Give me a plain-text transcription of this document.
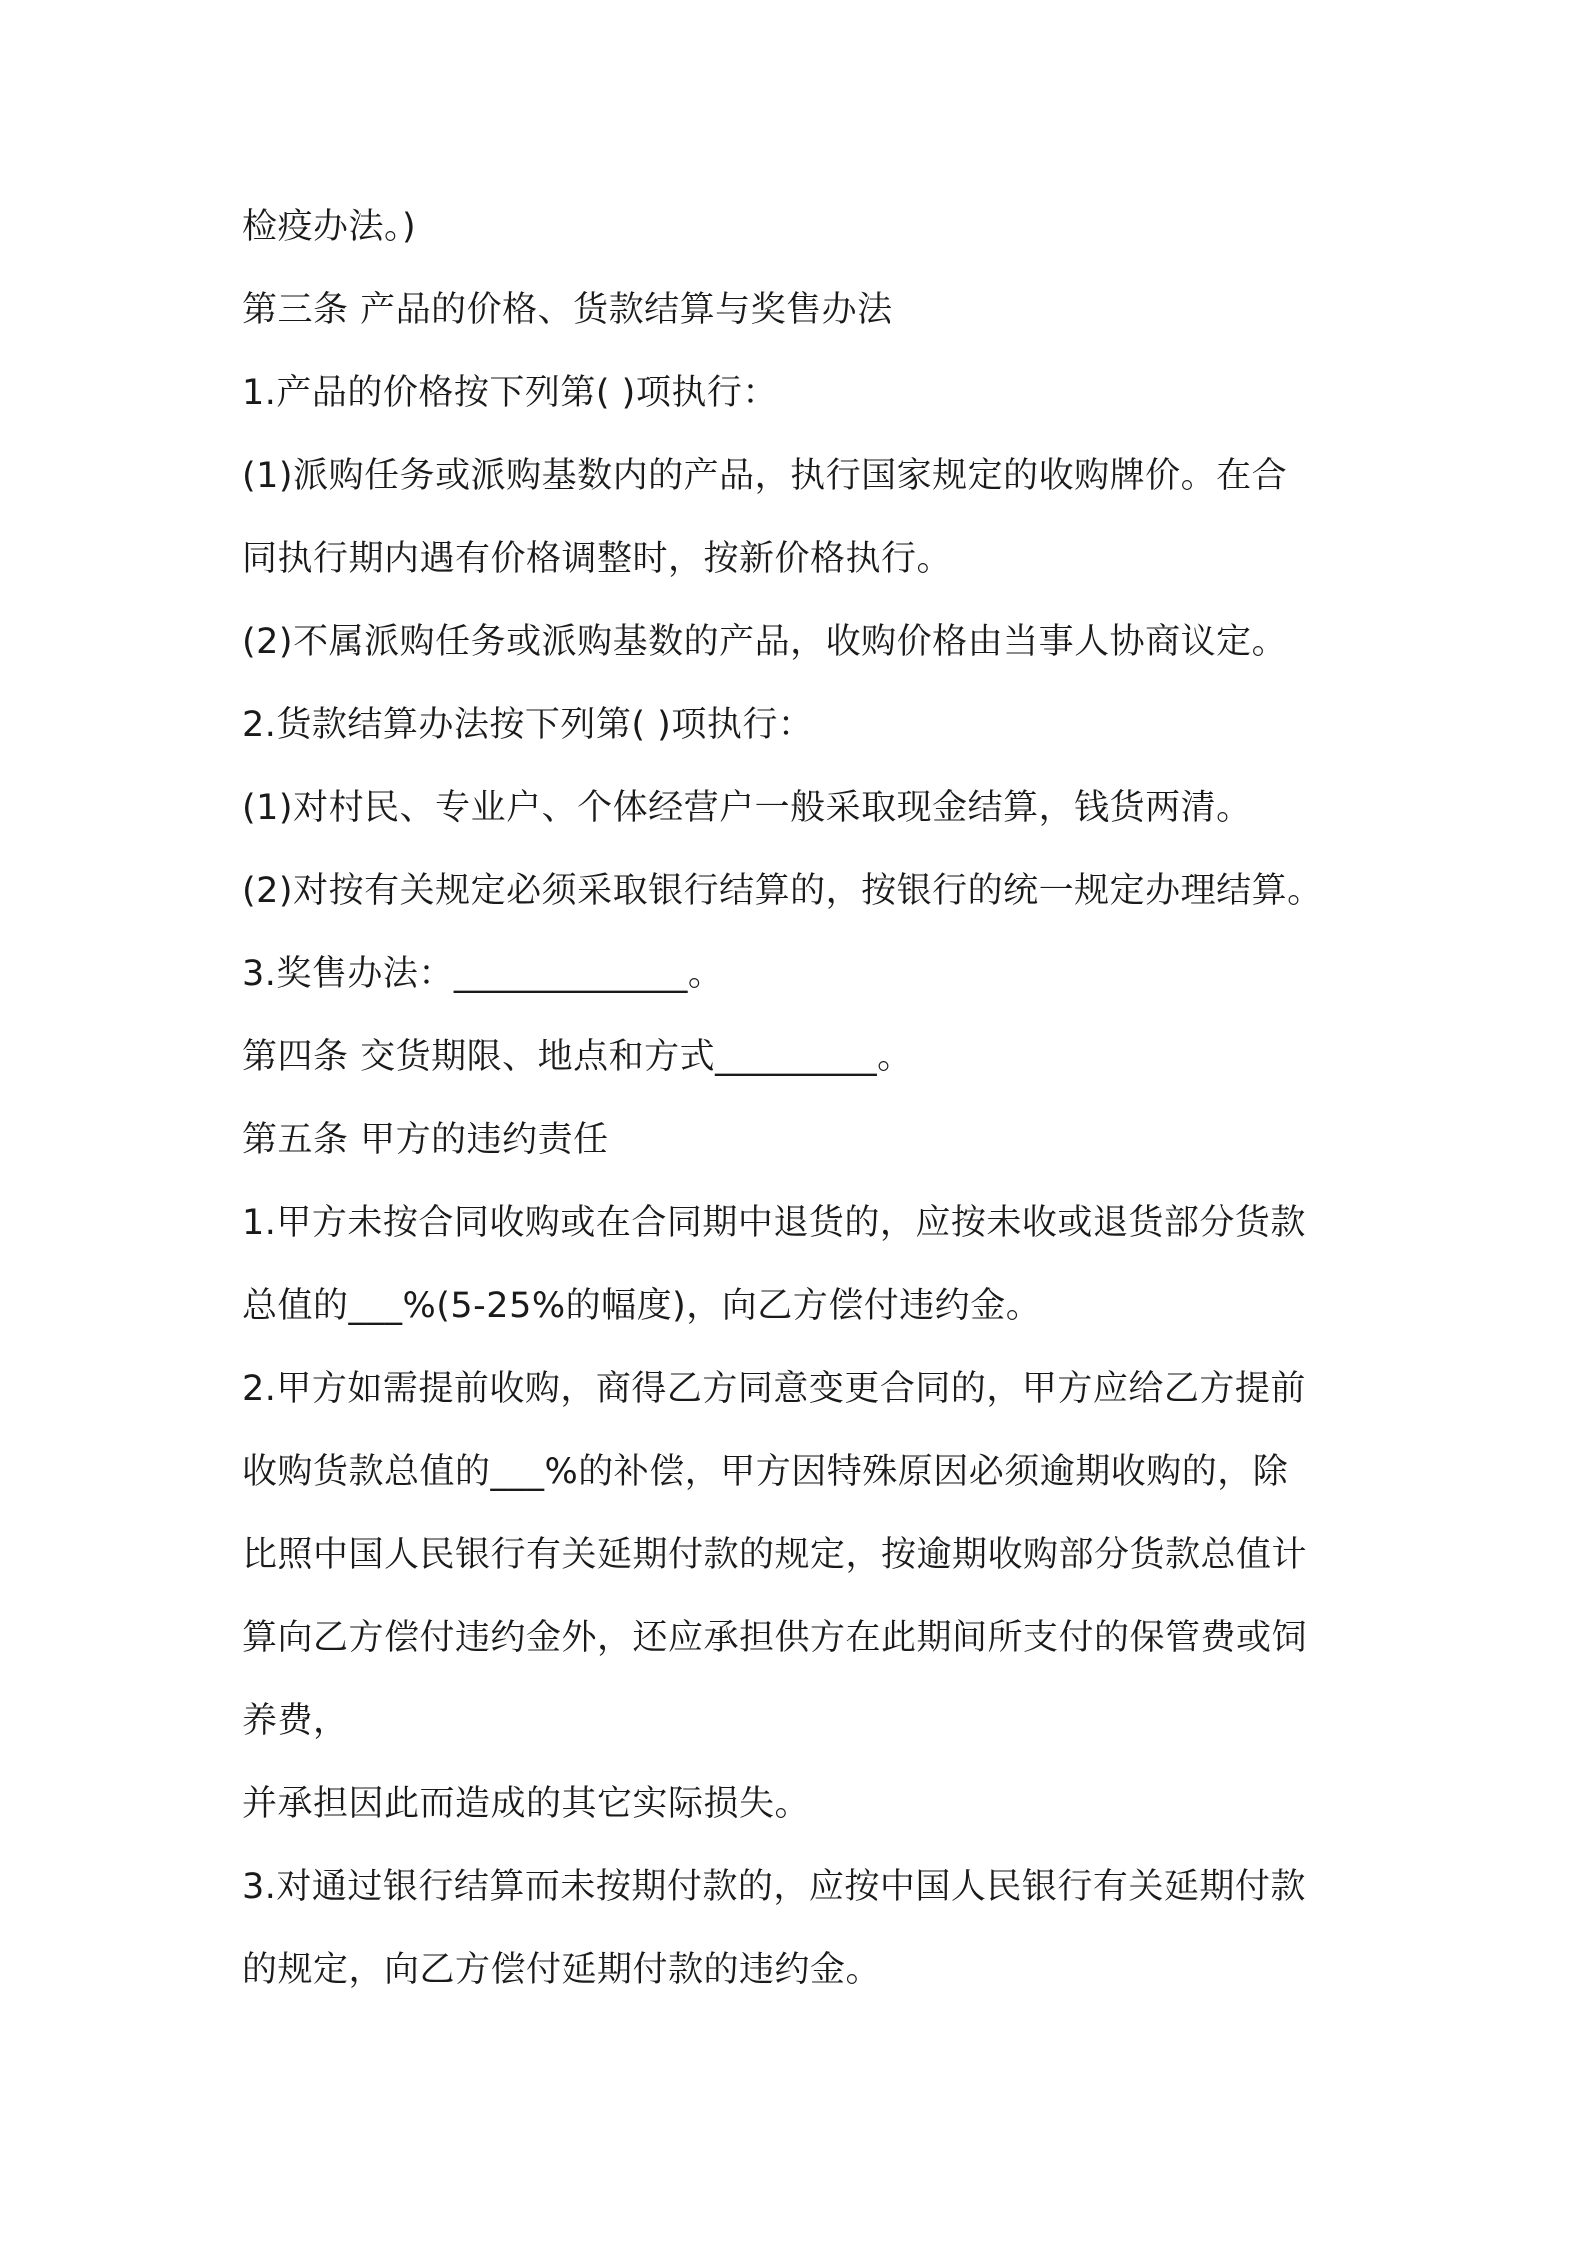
检疫办法。)
第三条 产品的价格、货款结算与奖售办法
1.产品的价格按下列第( )项执行：
(1)派购任务或派购基数内的产品，执行国家规定的收购牌价。在合
同执行期内遇有价格调整时，按新价格执行。
(2)不属派购任务或派购基数的产品，收购价格由当事人协商议定。
2.货款结算办法按下列第( )项执行：
(1)对村民、专业户、个体经营户一般采取现金结算，钱货两清。
(2)对按有关规定必须采取银行结算的，按银行的统一规定办理结算。
3.奖售办法：_____________。
第四条 交货期限、地点和方式_________。
第五条 甲方的违约责任
1.甲方未按合同收购或在合同期中退货的，应按未收或退货部分货款
总值的___%(5-25%的幅度)，向乙方偿付违约金。
2.甲方如需提前收购，商得乙方同意变更合同的，甲方应给乙方提前
收购货款总值的___%的补偿，甲方因特殊原因必须逾期收购的，除
比照中国人民银行有关延期付款的规定，按逾期收购部分货款总值计
算向乙方偿付违约金外，还应承担供方在此期间所支付的保管费或饲
养费，
并承担因此而造成的其它实际损失。
3.对通过银行结算而未按期付款的，应按中国人民银行有关延期付款
的规定，向乙方偿付延期付款的违约金。
